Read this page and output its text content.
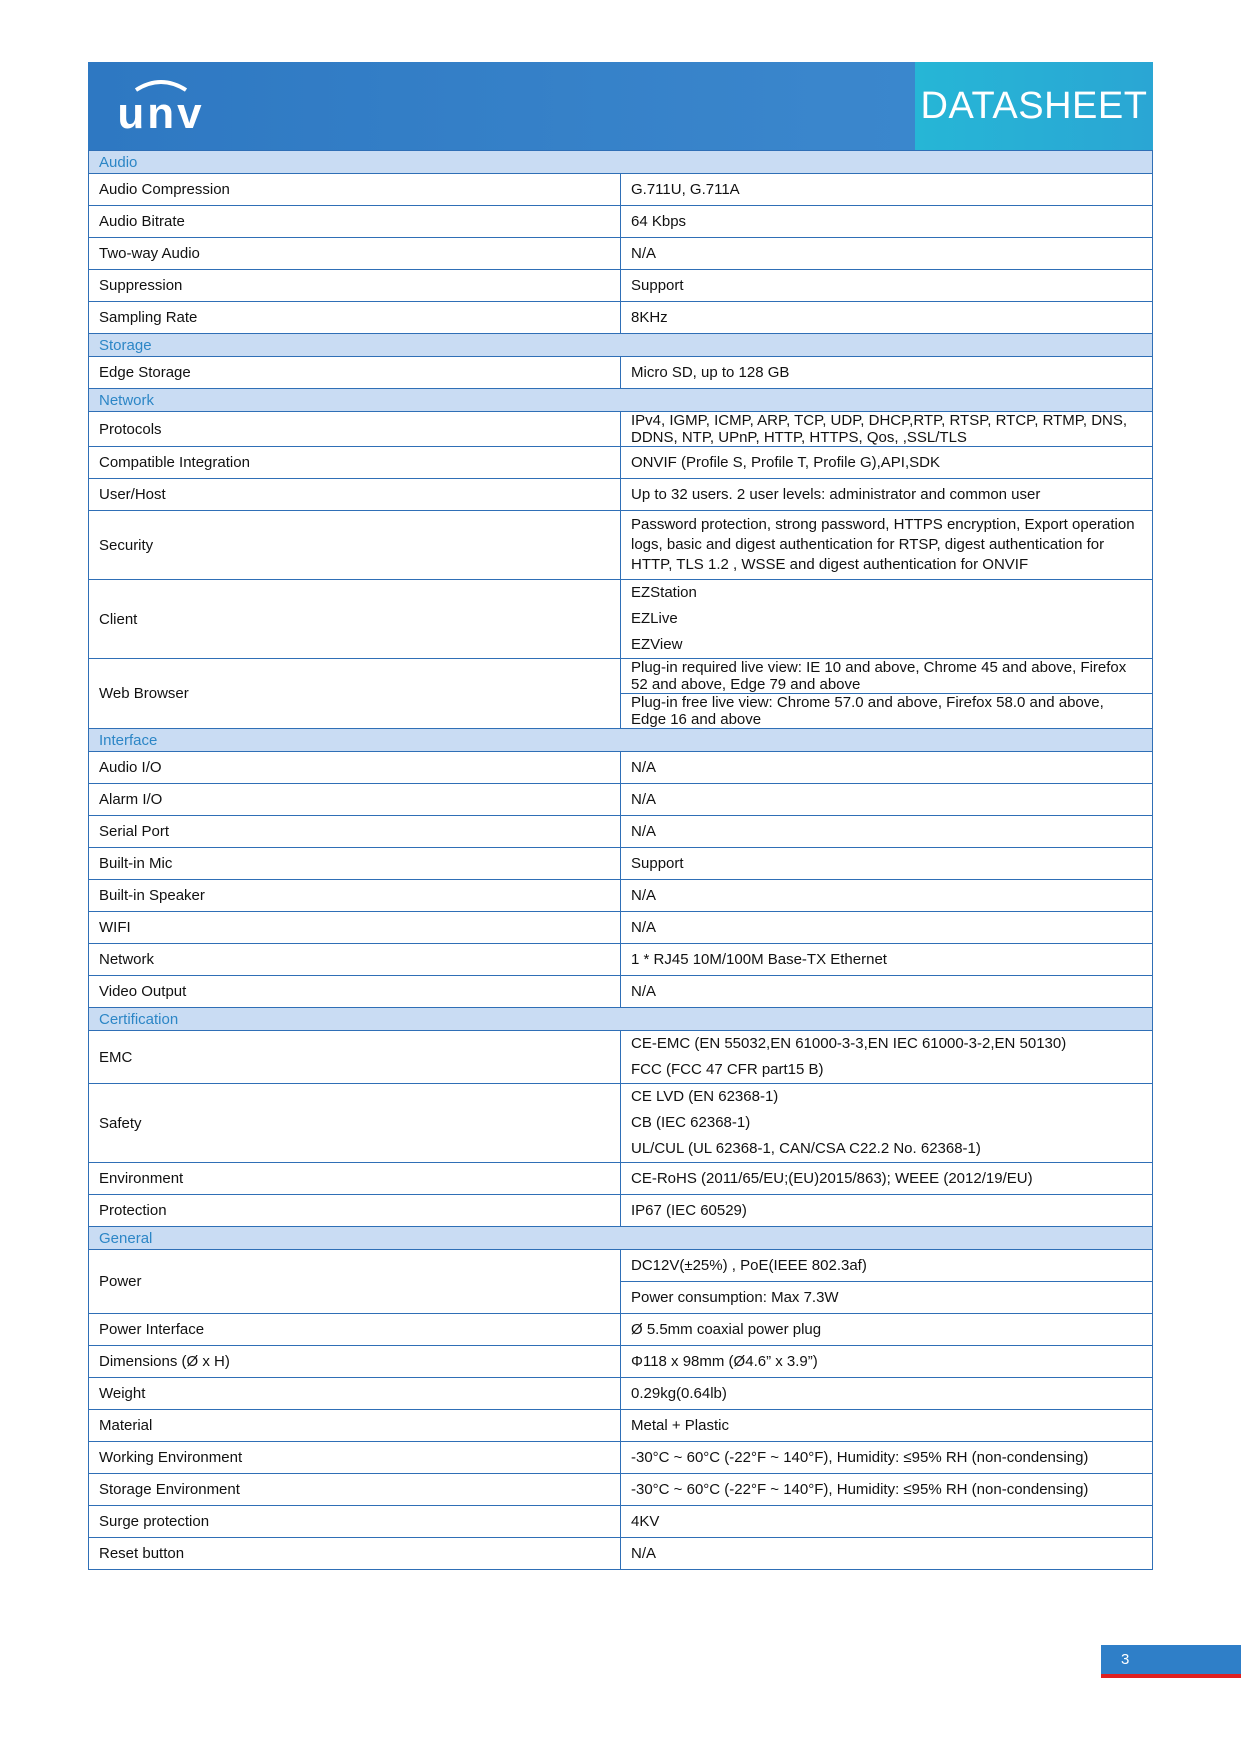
unv	DATASHEET
Audio	
Audio Compression	G.711U, G.711A
Audio Bitrate	64 Kbps
Two-way Audio	N/A
Suppression	Support
Sampling Rate	8KHz
Storage	
Edge Storage	Micro SD, up to 128 GB
Network	
Protocols	IPv4, IGMP, ICMP, ARP, TCP, UDP, DHCP,RTP, RTSP, RTCP, RTMP, DNS, DDNS, NTP, UPnP, HTTP, HTTPS, Qos, ,SSL/TLS
Compatible Integration	ONVIF (Profile S, Profile T, Profile G),API,SDK
User/Host	Up to 32 users. 2 user levels: administrator and common user
Security	Password protection, strong password, HTTPS encryption, Export operation logs, basic and digest authentication for RTSP, digest authentication for HTTP, TLS 1.2 , WSSE and digest authentication for ONVIF
Client	EZStation
EZLive
EZView

Web Browser	Plug-in required live view: IE 10 and above, Chrome 45 and above, Firefox 52 and above, Edge 79 and above
	Plug-in free live view: Chrome 57.0 and above, Firefox 58.0 and above, Edge 16 and above
Interface	
Audio I/O	N/A
Alarm I/O	N/A
Serial Port	N/A
Built-in Mic	Support
Built-in Speaker	N/A
WIFI	N/A
Network	1 * RJ45 10M/100M Base-TX Ethernet
Video Output	N/A
Certification	
EMC	CE-EMC (EN 55032,EN 61000-3-3,EN IEC 61000-3-2,EN 50130)
FCC (FCC 47 CFR part15 B)

Safety	CE LVD (EN 62368-1)
CB (IEC 62368-1)
UL/CUL (UL 62368-1, CAN/CSA C22.2 No. 62368-1)

Environment	CE-RoHS (2011/65/EU;(EU)2015/863); WEEE (2012/19/EU)
Protection	IP67 (IEC 60529)
General	
Power	DC12V(±25%) , PoE(IEEE 802.3af)
	Power consumption: Max 7.3W
Power Interface	Ø 5.5mm coaxial power plug
Dimensions (Ø x H)	Φ118 x 98mm (Ø4.6” x 3.9”)
Weight	0.29kg(0.64lb)
Material	Metal + Plastic
Working Environment	-30°C ~ 60°C (-22°F ~ 140°F), Humidity: ≤95% RH (non-condensing)
Storage Environment	-30°C ~ 60°C (-22°F ~ 140°F), Humidity: ≤95% RH (non-condensing)
Surge protection	4KV
Reset button	N/A
3
